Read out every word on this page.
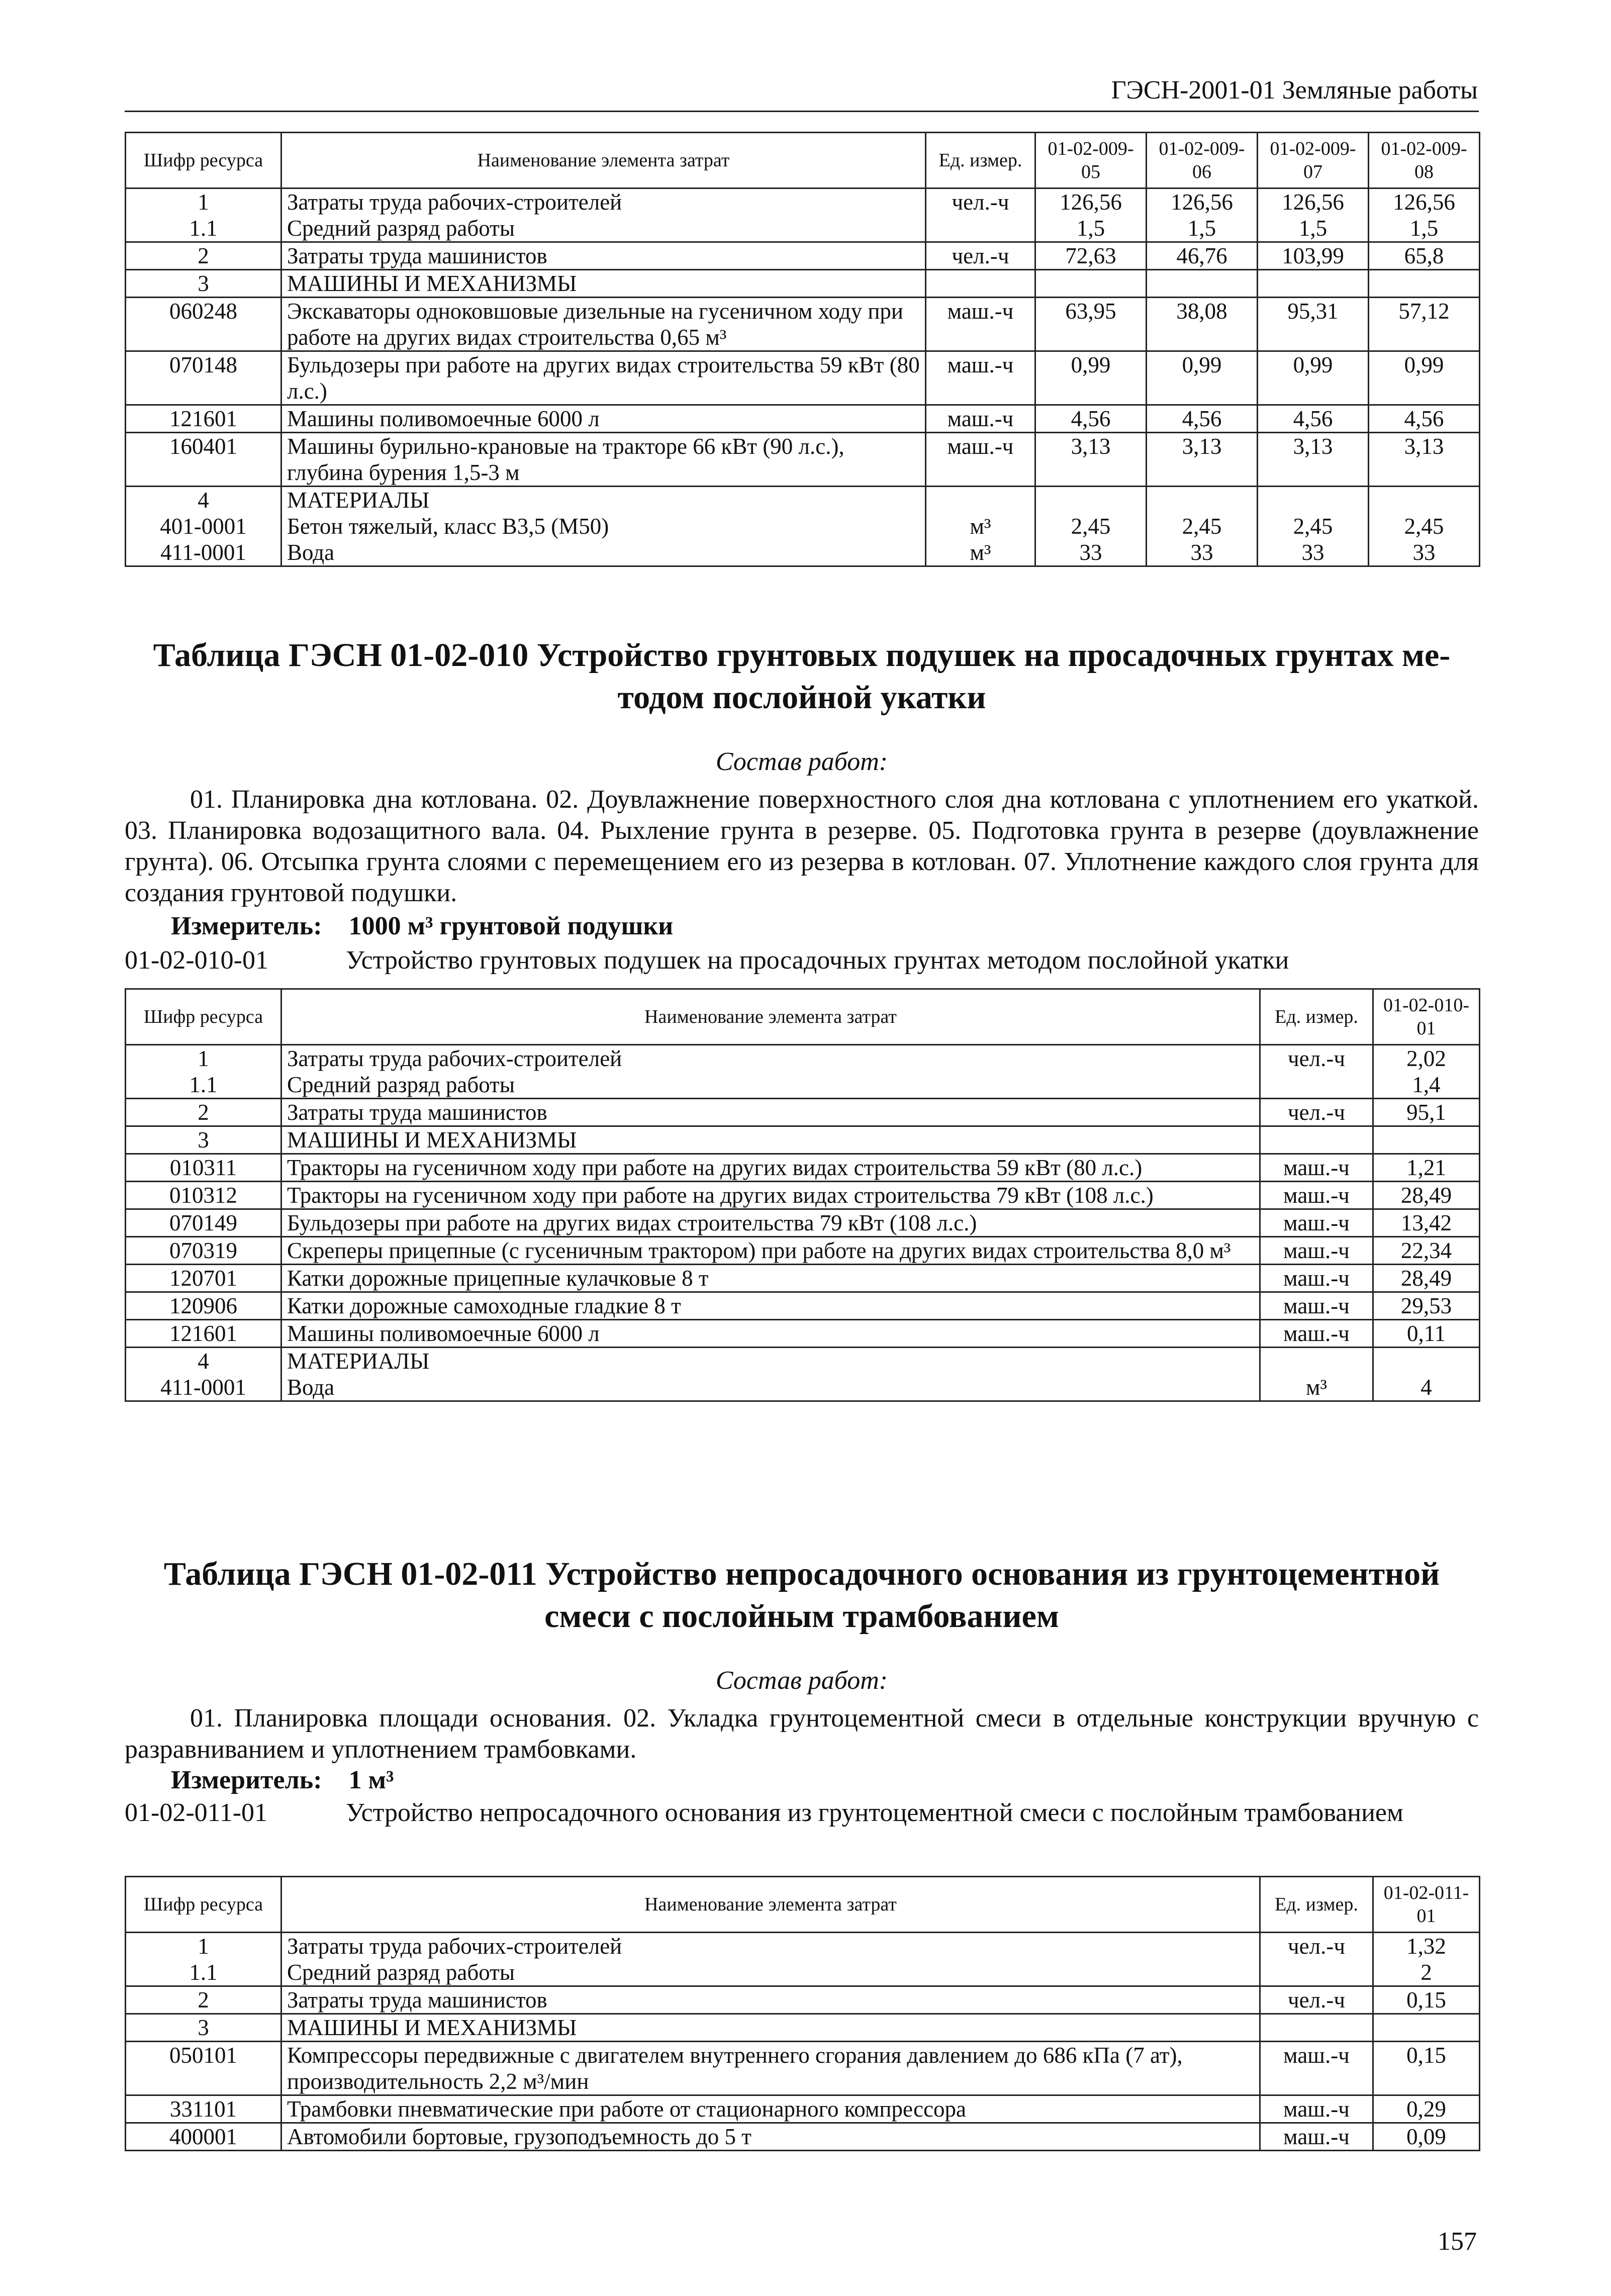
ГЭСН-2001-01 Земляные работы
Шифр ресурса	Наименование элемента затрат	Ед. измер.	01-02-009-05	01-02-009-06	01-02-009-07	01-02-009-08
1	Затраты труда рабочих-строителей	чел.-ч	126,56	126,56	126,56	126,56
1.1	Средний разряд работы		1,5	1,5	1,5	1,5
2	Затраты труда машинистов	чел.-ч	72,63	46,76	103,99	65,8
3	МАШИНЫ И МЕХАНИЗМЫ					
060248	Экскаваторы одноковшовые дизельные на гусеничном ходу при работе на других видах строительства 0,65 м³	маш.-ч	63,95	38,08	95,31	57,12
070148	Бульдозеры при работе на других видах строительства 59 кВт (80 л.с.)	маш.-ч	0,99	0,99	0,99	0,99
121601	Машины поливомоечные 6000 л	маш.-ч	4,56	4,56	4,56	4,56
160401	Машины бурильно-крановые на тракторе 66 кВт (90 л.с.), глубина бурения 1,5-3 м	маш.-ч	3,13	3,13	3,13	3,13
4	МАТЕРИАЛЫ					
401-0001	Бетон тяжелый, класс В3,5 (М50)	м³	2,45	2,45	2,45	2,45
411-0001	Вода	м³	33	33	33	33
Таблица ГЭСН 01-02-010 Устройство грунтовых подушек на просадочных грунтах ме-
тодом послойной укатки
Состав работ:

01. Планировка дна котлована. 02. Доувлажнение поверхностного слоя дна котлована с уплотнением его укаткой. 03. Планировка водозащитного вала. 04. Рыхление грунта в резерве. 05. Подготовка грунта в резерве (доувлажнение грунта). 06. Отсыпка грунта слоями с перемещением его из резерва в котлован. 07. Уплотнение каждого слоя грунта для создания грунтовой подушки.

Измеритель: 1000 м³ грунтовой подушки
01-02-010-01	Устройство грунтовых подушек на просадочных грунтах методом послойной укатки
Шифр ресурса	Наименование элемента затрат	Ед. измер.	01-02-010-01
1	Затраты труда рабочих-строителей	чел.-ч	2,02
1.1	Средний разряд работы		1,4
2	Затраты труда машинистов	чел.-ч	95,1
3	МАШИНЫ И МЕХАНИЗМЫ		
010311	Тракторы на гусеничном ходу при работе на других видах строительства 59 кВт (80 л.с.)	маш.-ч	1,21
010312	Тракторы на гусеничном ходу при работе на других видах строительства 79 кВт (108 л.с.)	маш.-ч	28,49
070149	Бульдозеры при работе на других видах строительства 79 кВт (108 л.с.)	маш.-ч	13,42
070319	Скреперы прицепные (с гусеничным трактором) при работе на других видах строительства 8,0 м³	маш.-ч	22,34
120701	Катки дорожные прицепные кулачковые 8 т	маш.-ч	28,49
120906	Катки дорожные самоходные гладкие 8 т	маш.-ч	29,53
121601	Машины поливомоечные 6000 л	маш.-ч	0,11
4	МАТЕРИАЛЫ		
411-0001	Вода	м³	4
Таблица ГЭСН 01-02-011 Устройство непросадочного основания из грунтоцементной
смеси с послойным трамбованием
Состав работ:

01. Планировка площади основания. 02. Укладка грунтоцементной смеси в отдельные конструкции вручную с разравниванием и уплотнением трамбовками.

Измеритель: 1 м³
01-02-011-01	Устройство непросадочного основания из грунтоцементной смеси с послойным трамбованием
Шифр ресурса	Наименование элемента затрат	Ед. измер.	01-02-011-01
1	Затраты труда рабочих-строителей	чел.-ч	1,32
1.1	Средний разряд работы		2
2	Затраты труда машинистов	чел.-ч	0,15
3	МАШИНЫ И МЕХАНИЗМЫ		
050101	Компрессоры передвижные с двигателем внутреннего сгорания давлением до 686 кПа (7 ат), производительность 2,2 м³/мин	маш.-ч	0,15
331101	Трамбовки пневматические при работе от стационарного компрессора	маш.-ч	0,29
400001	Автомобили бортовые, грузоподъемность до 5 т	маш.-ч	0,09
157
